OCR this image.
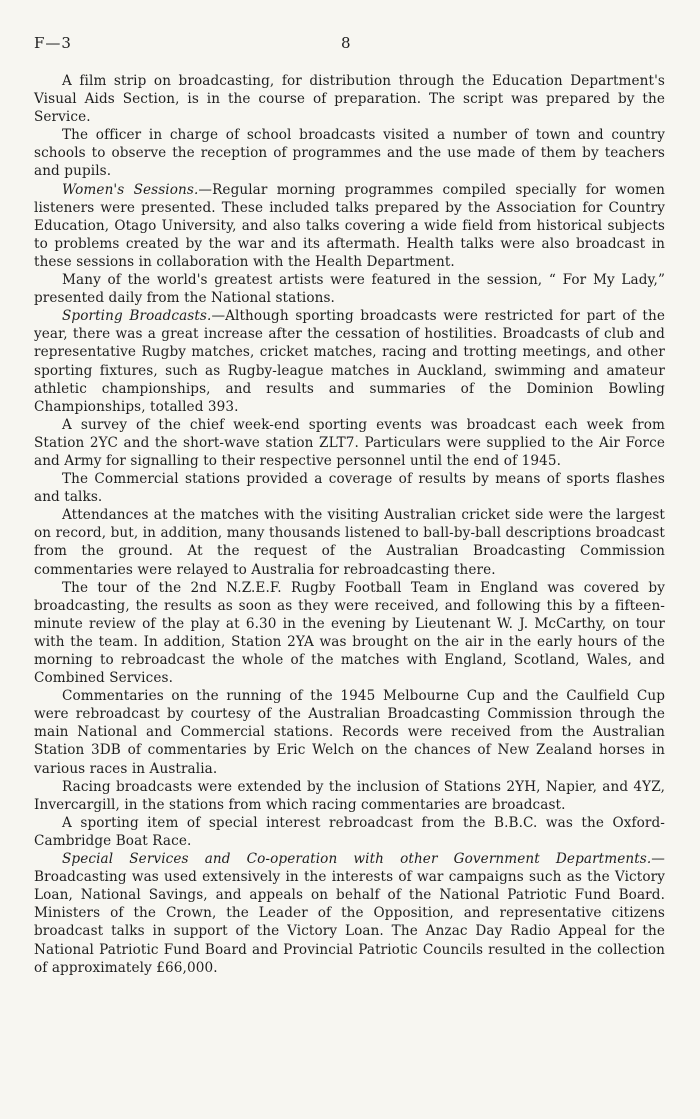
F—3	8

A film strip on broadcasting, for distribution through the Education Department's Visual Aids Section, is in the course of preparation. The script was prepared by the Service.

The officer in charge of school broadcasts visited a number of town and country schools to observe the reception of programmes and the use made of them by teachers and pupils.

Women's Sessions.—Regular morning programmes compiled specially for women listeners were presented. These included talks prepared by the Association for Country Education, Otago University, and also talks covering a wide field from historical subjects to problems created by the war and its aftermath. Health talks were also broadcast in these sessions in collaboration with the Health Department.

Many of the world's greatest artists were featured in the session, “ For My Lady,” presented daily from the National stations.

Sporting Broadcasts.—Although sporting broadcasts were restricted for part of the year, there was a great increase after the cessation of hostilities. Broadcasts of club and representative Rugby matches, cricket matches, racing and trotting meetings, and other sporting fixtures, such as Rugby-league matches in Auckland, swimming and amateur athletic championships, and results and summaries of the Dominion Bowling Championships, totalled 393.

A survey of the chief week-end sporting events was broadcast each week from Station 2YC and the short-wave station ZLT7. Particulars were supplied to the Air Force and Army for signalling to their respective personnel until the end of 1945.

The Commercial stations provided a coverage of results by means of sports flashes and talks.

Attendances at the matches with the visiting Australian cricket side were the largest on record, but, in addition, many thousands listened to ball-by-ball descriptions broadcast from the ground. At the request of the Australian Broadcasting Commission commentaries were relayed to Australia for rebroadcasting there.

The tour of the 2nd N.Z.E.F. Rugby Football Team in England was covered by broadcasting, the results as soon as they were received, and following this by a fifteen-minute review of the play at 6.30 in the evening by Lieutenant W. J. McCarthy, on tour with the team. In addition, Station 2YA was brought on the air in the early hours of the morning to rebroadcast the whole of the matches with England, Scotland, Wales, and Combined Services.

Commentaries on the running of the 1945 Melbourne Cup and the Caulfield Cup were rebroadcast by courtesy of the Australian Broadcasting Commission through the main National and Commercial stations. Records were received from the Australian Station 3DB of commentaries by Eric Welch on the chances of New Zealand horses in various races in Australia.

Racing broadcasts were extended by the inclusion of Stations 2YH, Napier, and 4YZ, Invercargill, in the stations from which racing commentaries are broadcast.

A sporting item of special interest rebroadcast from the B.B.C. was the Oxford-Cambridge Boat Race.

Special Services and Co-operation with other Government Departments.—Broadcasting was used extensively in the interests of war campaigns such as the Victory Loan, National Savings, and appeals on behalf of the National Patriotic Fund Board. Ministers of the Crown, the Leader of the Opposition, and representative citizens broadcast talks in support of the Victory Loan. The Anzac Day Radio Appeal for the National Patriotic Fund Board and Provincial Patriotic Councils resulted in the collection of approximately £66,000.
